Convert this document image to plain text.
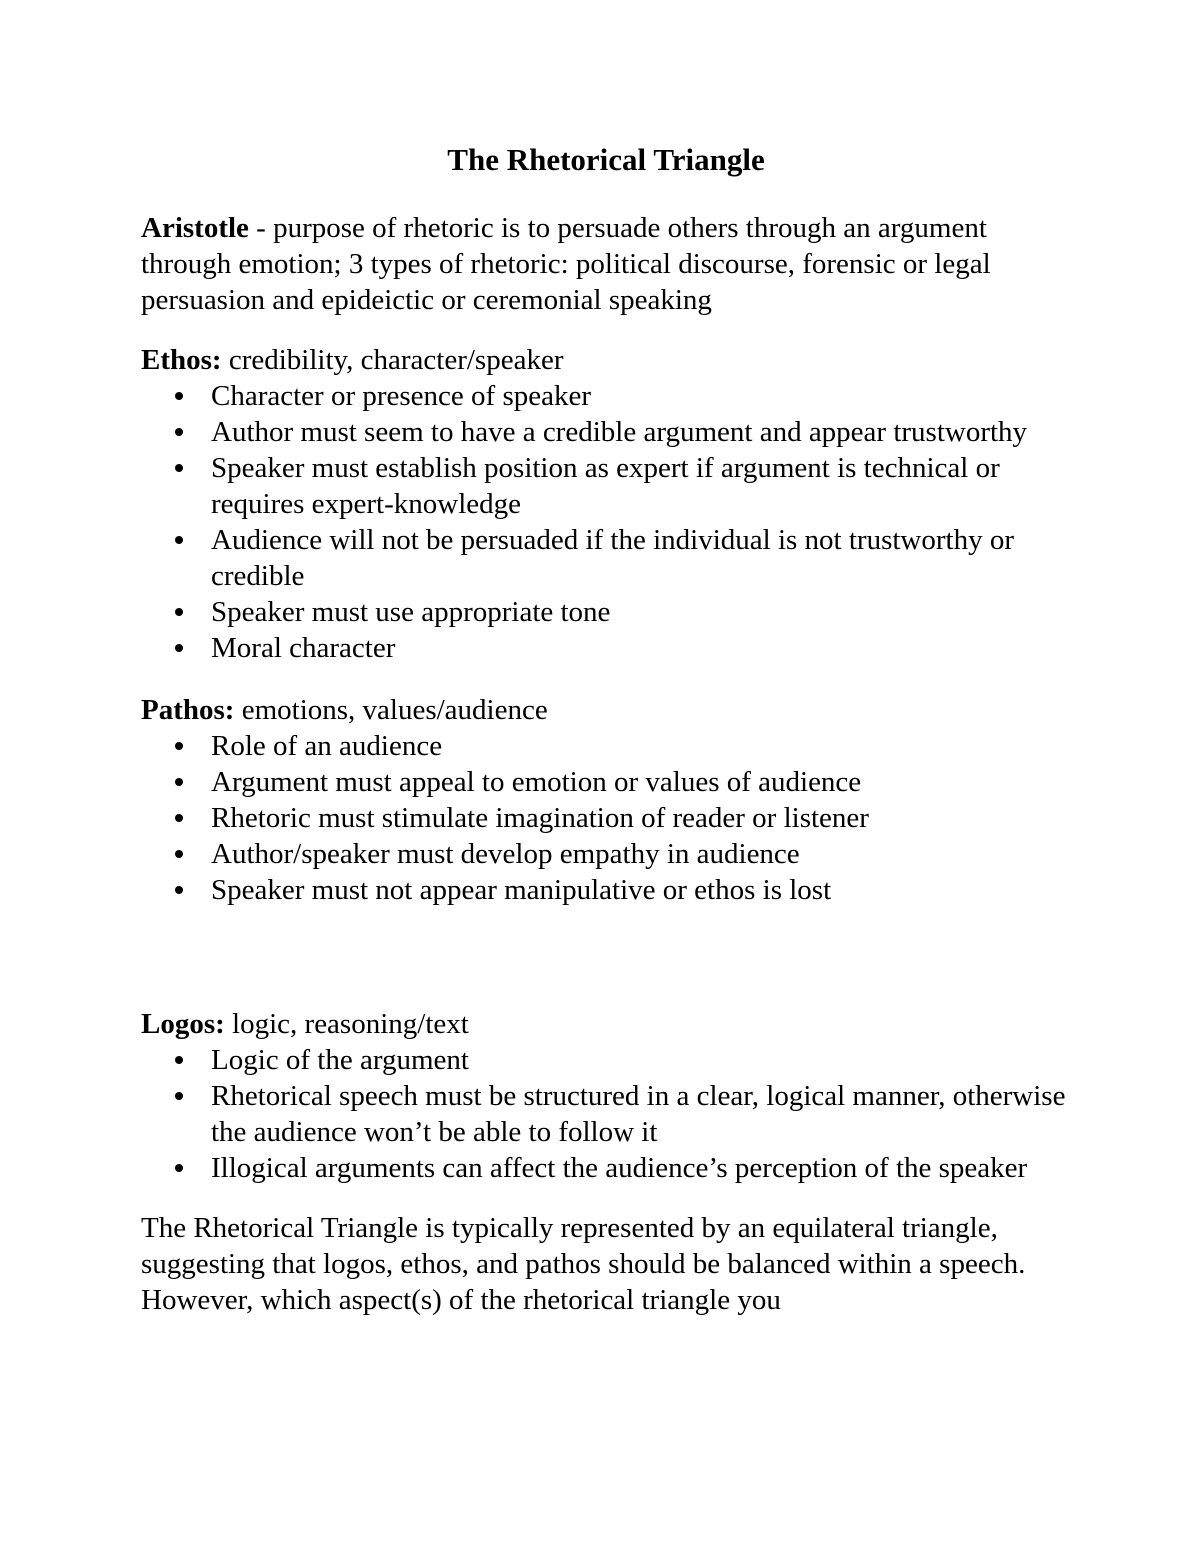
The Rhetorical Triangle

Aristotle - purpose of rhetoric is to persuade others through an argument through emotion; 3 types of rhetoric: political discourse, forensic or legal persuasion and epideictic or ceremonial speaking

Ethos: credibility, character/speaker

Character or presence of speaker
Author must seem to have a credible argument and appear trustworthy
Speaker must establish position as expert if argument is technical or requires expert-knowledge
Audience will not be persuaded if the individual is not trustworthy or credible
Speaker must use appropriate tone
Moral character

Pathos: emotions, values/audience

Role of an audience
Argument must appeal to emotion or values of audience
Rhetoric must stimulate imagination of reader or listener
Author/speaker must develop empathy in audience
Speaker must not appear manipulative or ethos is lost

Logos: logic, reasoning/text

Logic of the argument
Rhetorical speech must be structured in a clear, logical manner, otherwise the audience won’t be able to follow it
Illogical arguments can affect the audience’s perception of the speaker

The Rhetorical Triangle is typically represented by an equilateral triangle, suggesting that logos, ethos, and pathos should be balanced within a speech. However, which aspect(s) of the rhetorical triangle you
